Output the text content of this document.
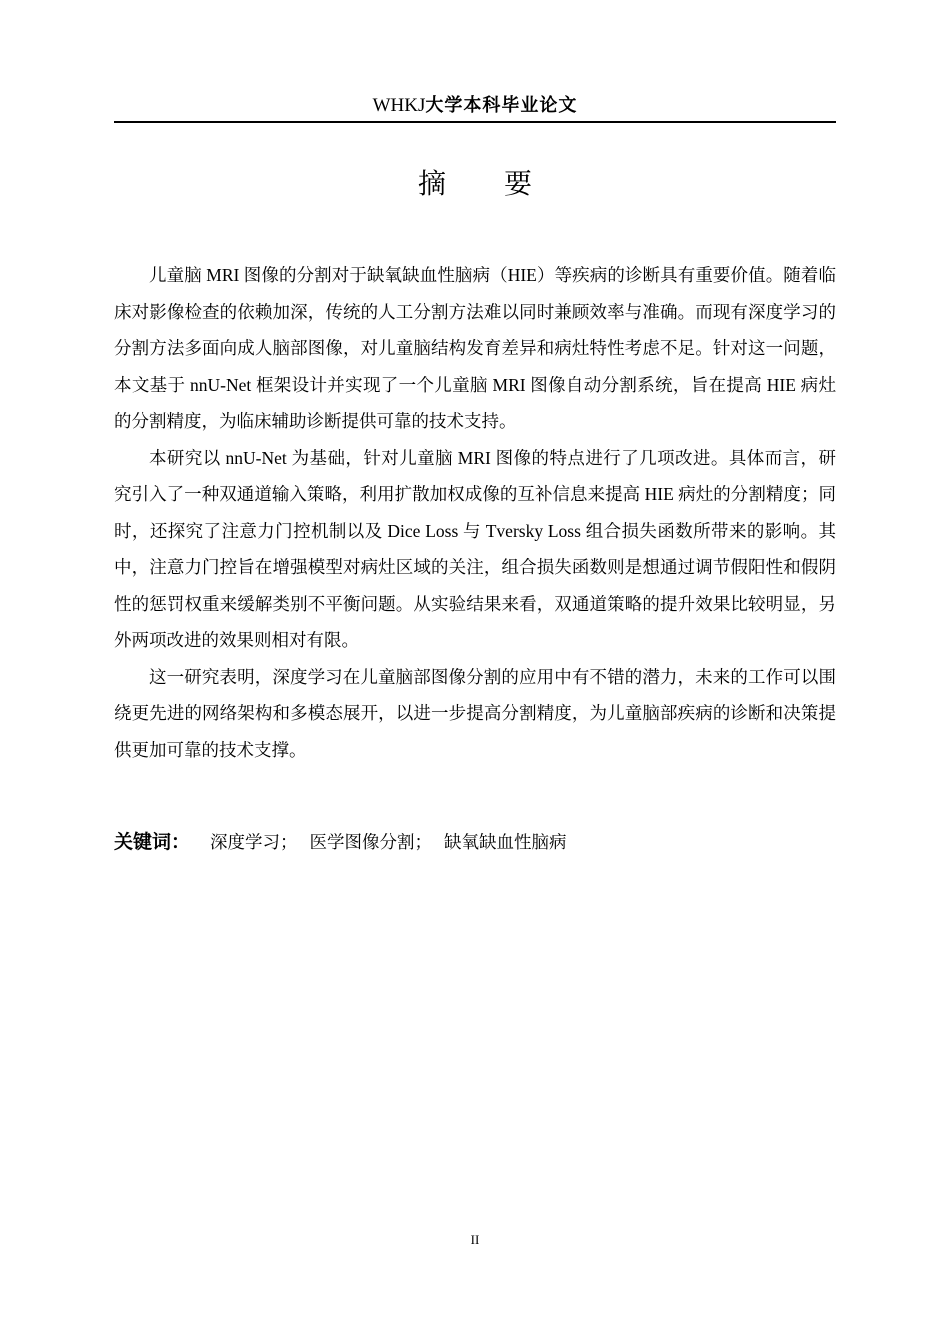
WHKJ大学本科毕业论文
摘要

儿童脑 MRI 图像的分割对于缺氧缺血性脑病（HIE）等疾病的诊断具有重要价值。随着临床对影像检查的依赖加深，传统的人工分割方法难以同时兼顾效率与准确。而现有深度学习的分割方法多面向成人脑部图像，对儿童脑结构发育差异和病灶特性考虑不足。针对这一问题，本文基于 nnU-Net 框架设计并实现了一个儿童脑 MRI 图像自动分割系统，旨在提高 HIE 病灶的分割精度，为临床辅助诊断提供可靠的技术支持。

本研究以 nnU-Net 为基础，针对儿童脑 MRI 图像的特点进行了几项改进。具体而言，研究引入了一种双通道输入策略，利用扩散加权成像的互补信息来提高 HIE 病灶的分割精度；同时，还探究了注意力门控机制以及 Dice Loss 与 Tversky Loss 组合损失函数所带来的影响。其中，注意力门控旨在增强模型对病灶区域的关注，组合损失函数则是想通过调节假阳性和假阴性的惩罚权重来缓解类别不平衡问题。从实验结果来看，双通道策略的提升效果比较明显，另外两项改进的效果则相对有限。

这一研究表明，深度学习在儿童脑部图像分割的应用中有不错的潜力，未来的工作可以围绕更先进的网络架构和多模态展开，以进一步提高分割精度，为儿童脑部疾病的诊断和决策提供更加可靠的技术支撑。

关键词： 深度学习； 医学图像分割； 缺氧缺血性脑病
II
